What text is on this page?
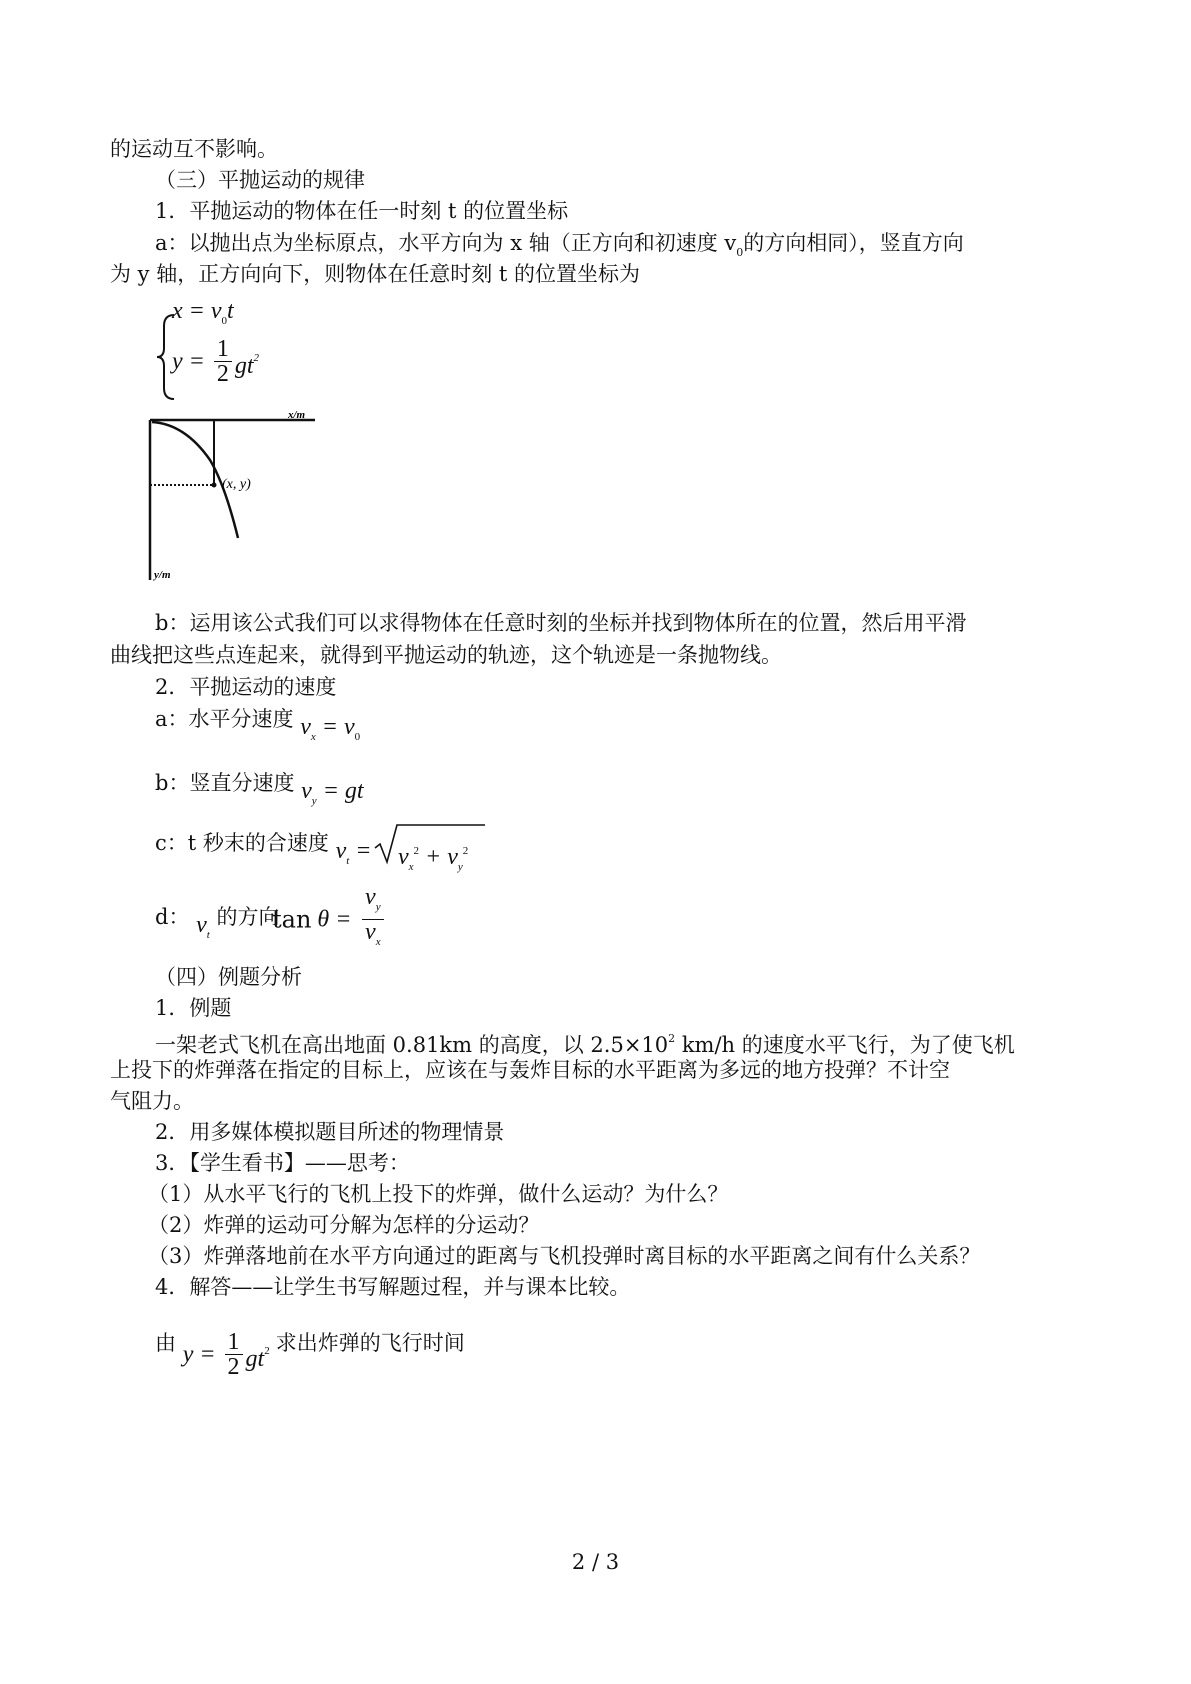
的运动互不影响。
（三）平抛运动的规律
1．平抛运动的物体在任一时刻 t 的位置坐标
a：以抛出点为坐标原点，水平方向为 x 轴（正方向和初速度 $v_0$的方向相同），竖直方向
为 y 轴，正方向向下，则物体在任意时刻 t 的位置坐标为
$x = v_0t$
$y = \frac{1}{2} gt^2$
x/m
(x, y)
y/m
b：运用该公式我们可以求得物体在任意时刻的坐标并找到物体所在的位置，然后用平滑
曲线把这些点连起来，就得到平抛运动的轨迹，这个轨迹是一条抛物线。
2．平抛运动的速度
a：水平分速度 $v_x = v_0$
b：竖直分速度 $v_y$ = gt
c：t 秒末的合速度 $v_t = v_x^2 + v_y^2$
d： $v_t$ 的方向
$\tan \theta = \frac{v_y}{v_x}$
（四）例题分析
1．例题
一架老式飞机在高出地面 0.81km 的高度，以 $2.5\times 10^2$ km/h 的速度水平飞行，为了使飞机
上投下的炸弹落在指定的目标上，应该在与轰炸目标的水平距离为多远的地方投弹？不计空
气阻力。
2．用多媒体模拟题目所述的物理情景
3．【学生看书】——思考：
（1）从水平飞行的飞机上投下的炸弹，做什么运动？为什么？
（2）炸弹的运动可分解为怎样的分运动？
（3）炸弹落地前在水平方向通过的距离与飞机投弹时离目标的水平距离之间有什么关系？
4．解答——让学生书写解题过程，并与课本比较。
由 $y = \frac{1}{2} gt^2$ 求出炸弹的飞行时间
2 / 3
